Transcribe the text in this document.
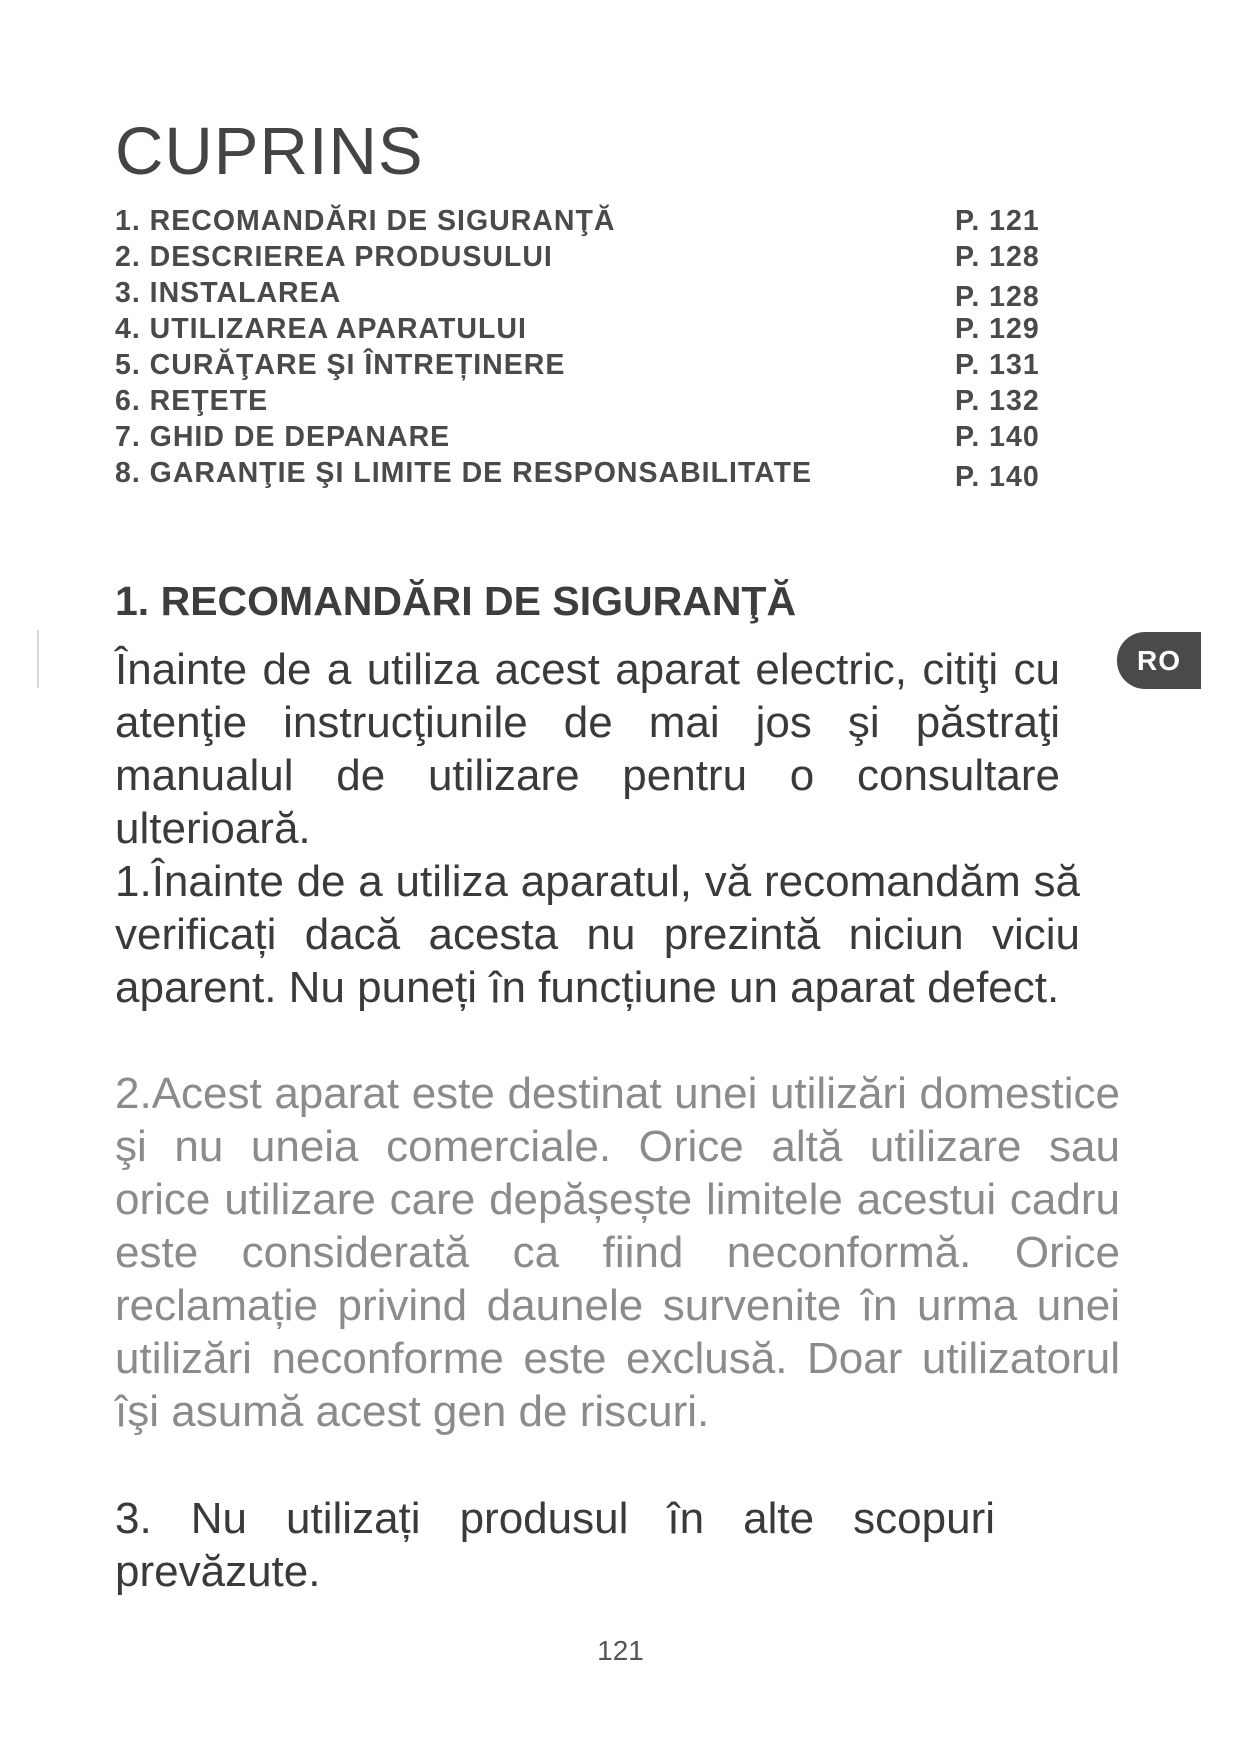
CUPRINS
1. RECOMANDĂRI DE SIGURANŢĂ	P. 121
2. DESCRIEREA PRODUSULUI	P. 128
3. INSTALAREA	P. 128
4. UTILIZAREA APARATULUI	P. 129
5. CURĂŢARE ŞI ÎNTREȚINERE	P. 131
6. REŢETE	P. 132
7. GHID DE DEPANARE	P. 140
8. GARANŢIE ŞI LIMITE DE RESPONSABILITATE	P. 140
1. RECOMANDĂRI DE SIGURANŢĂ
RO
Înainte de a utiliza acest aparat electric, citiţi cu atenţie instrucţiunile de mai jos şi păstraţi manualul de utilizare pentru o consultare ulterioară.
1.Înainte de a utiliza aparatul, vă recomandăm să verificați dacă acesta nu prezintă niciun viciu aparent. Nu puneți în funcțiune un aparat defect.
2.Acest aparat este destinat unei utilizări domestice şi nu uneia comerciale. Orice altă utilizare sau orice utilizare care depășește limitele acestui cadru este considerată ca fiind neconformă. Orice reclamație privind daunele survenite în urma unei utilizări neconforme este exclusă. Doar utilizatorul îşi asumă acest gen de riscuri.
3. Nu utilizați produsul în alte scopuri prevăzute.
121
